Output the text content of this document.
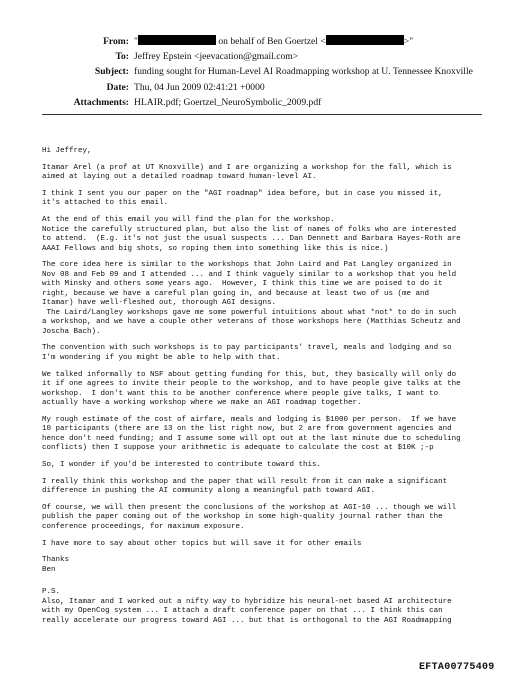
From: "	on behalf of Ben Goertzel <	>"
To: Jeffrey Epstein <jeevacation@gmail.com>
Subject: funding sought for Human-Level AI Roadmapping workshop at U. Tennessee Knoxville
Date: Thu, 04 Jun 2009 02:41:21 +0000
Attachments: HLAIR.pdf; Goertzel_NeuroSymbolic_2009.pdf
Hi Jeffrey,
Itamar Arel (a prof at UT Knoxville) and I are organizing a workshop for the fall, which is
aimed at laying out a detailed roadmap toward human-level AI.
I think I sent you our paper on the "AGI roadmap" idea before, but in case you missed it,
it's attached to this email.
At the end of this email you will find the plan for the workshop.
Notice the carefully structured plan, but also the list of names of folks who are interested
to attend.  (E.g. it's not just the usual suspects ... Dan Dennett and Barbara Hayes-Roth are
AAAI Fellows and big shots, so roping them into something like this is nice.)
The core idea here is similar to the workshops that John Laird and Pat Langley organized in
Nov 08 and Feb 09 and I attended ... and I think vaguely similar to a workshop that you held
with Minsky and others some years ago.  However, I think this time we are poised to do it
right, because we have a careful plan going in, and because at least two of us (me and
Itamar) have well-fleshed out, thorough AGI designs.
The Laird/Langley workshops gave me some powerful intuitions about what *not* to do in such
a workshop, and we have a couple other veterans of those workshops here (Matthias Scheutz and
Joscha Bach).
The convention with such workshops is to pay participants' travel, meals and lodging and so
I'm wondering if you might be able to help with that.
We talked informally to NSF about getting funding for this, but, they basically will only do
it if one agrees to invite their people to the workshop, and to have people give talks at the
workshop.  I don't want this to be another conference where people give talks, I want to
actually have a working workshop where we make an AGI roadmap together.
My rough estimate of the cost of airfare, meals and lodging is $1000 per person.  If we have
10 participants (there are 13 on the list right now, but 2 are from government agencies and
hence don't need funding; and I assume some will opt out at the last minute due to scheduling
conflicts) then I suppose your arithmetic is adequate to calculate the cost at $10K ;-p
So, I wonder if you'd be interested to contribute toward this.
I really think this workshop and the paper that will result from it can make a significant
difference in pushing the AI community along a meaningful path toward AGI.
Of course, we will then present the conclusions of the workshop at AGI-10 ... though we will
publish the paper coming out of the workshop in some high-quality journal rather than the
conference proceedings, for maximum exposure.
I have more to say about other topics but will save it for other emails
Thanks
Ben
P.S.
Also, Itamar and I worked out a nifty way to hybridize his neural-net based AI architecture
with my OpenCog system ... I attach a draft conference paper on that ... I think this can
really accelerate our progress toward AGI ... but that is orthogonal to the AGI Roadmapping
EFTA00775409
